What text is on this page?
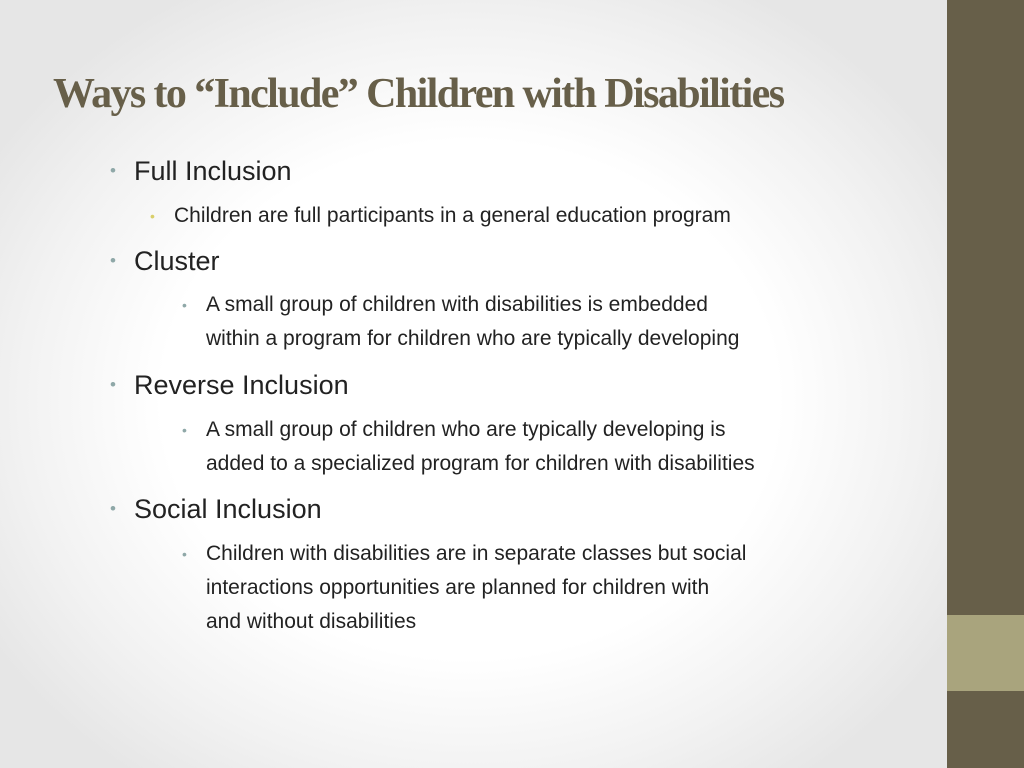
Ways to “Include” Children with Disabilities
• Full Inclusion
• Children are full participants in a general education program
• Cluster
• A small group of children with disabilities is embedded
within a program for children who are typically developing
• Reverse Inclusion
• A small group of children who are typically developing is
added to a specialized program for children with disabilities
• Social Inclusion
• Children with disabilities are in separate classes but social
interactions opportunities are planned for children with
and without disabilities
